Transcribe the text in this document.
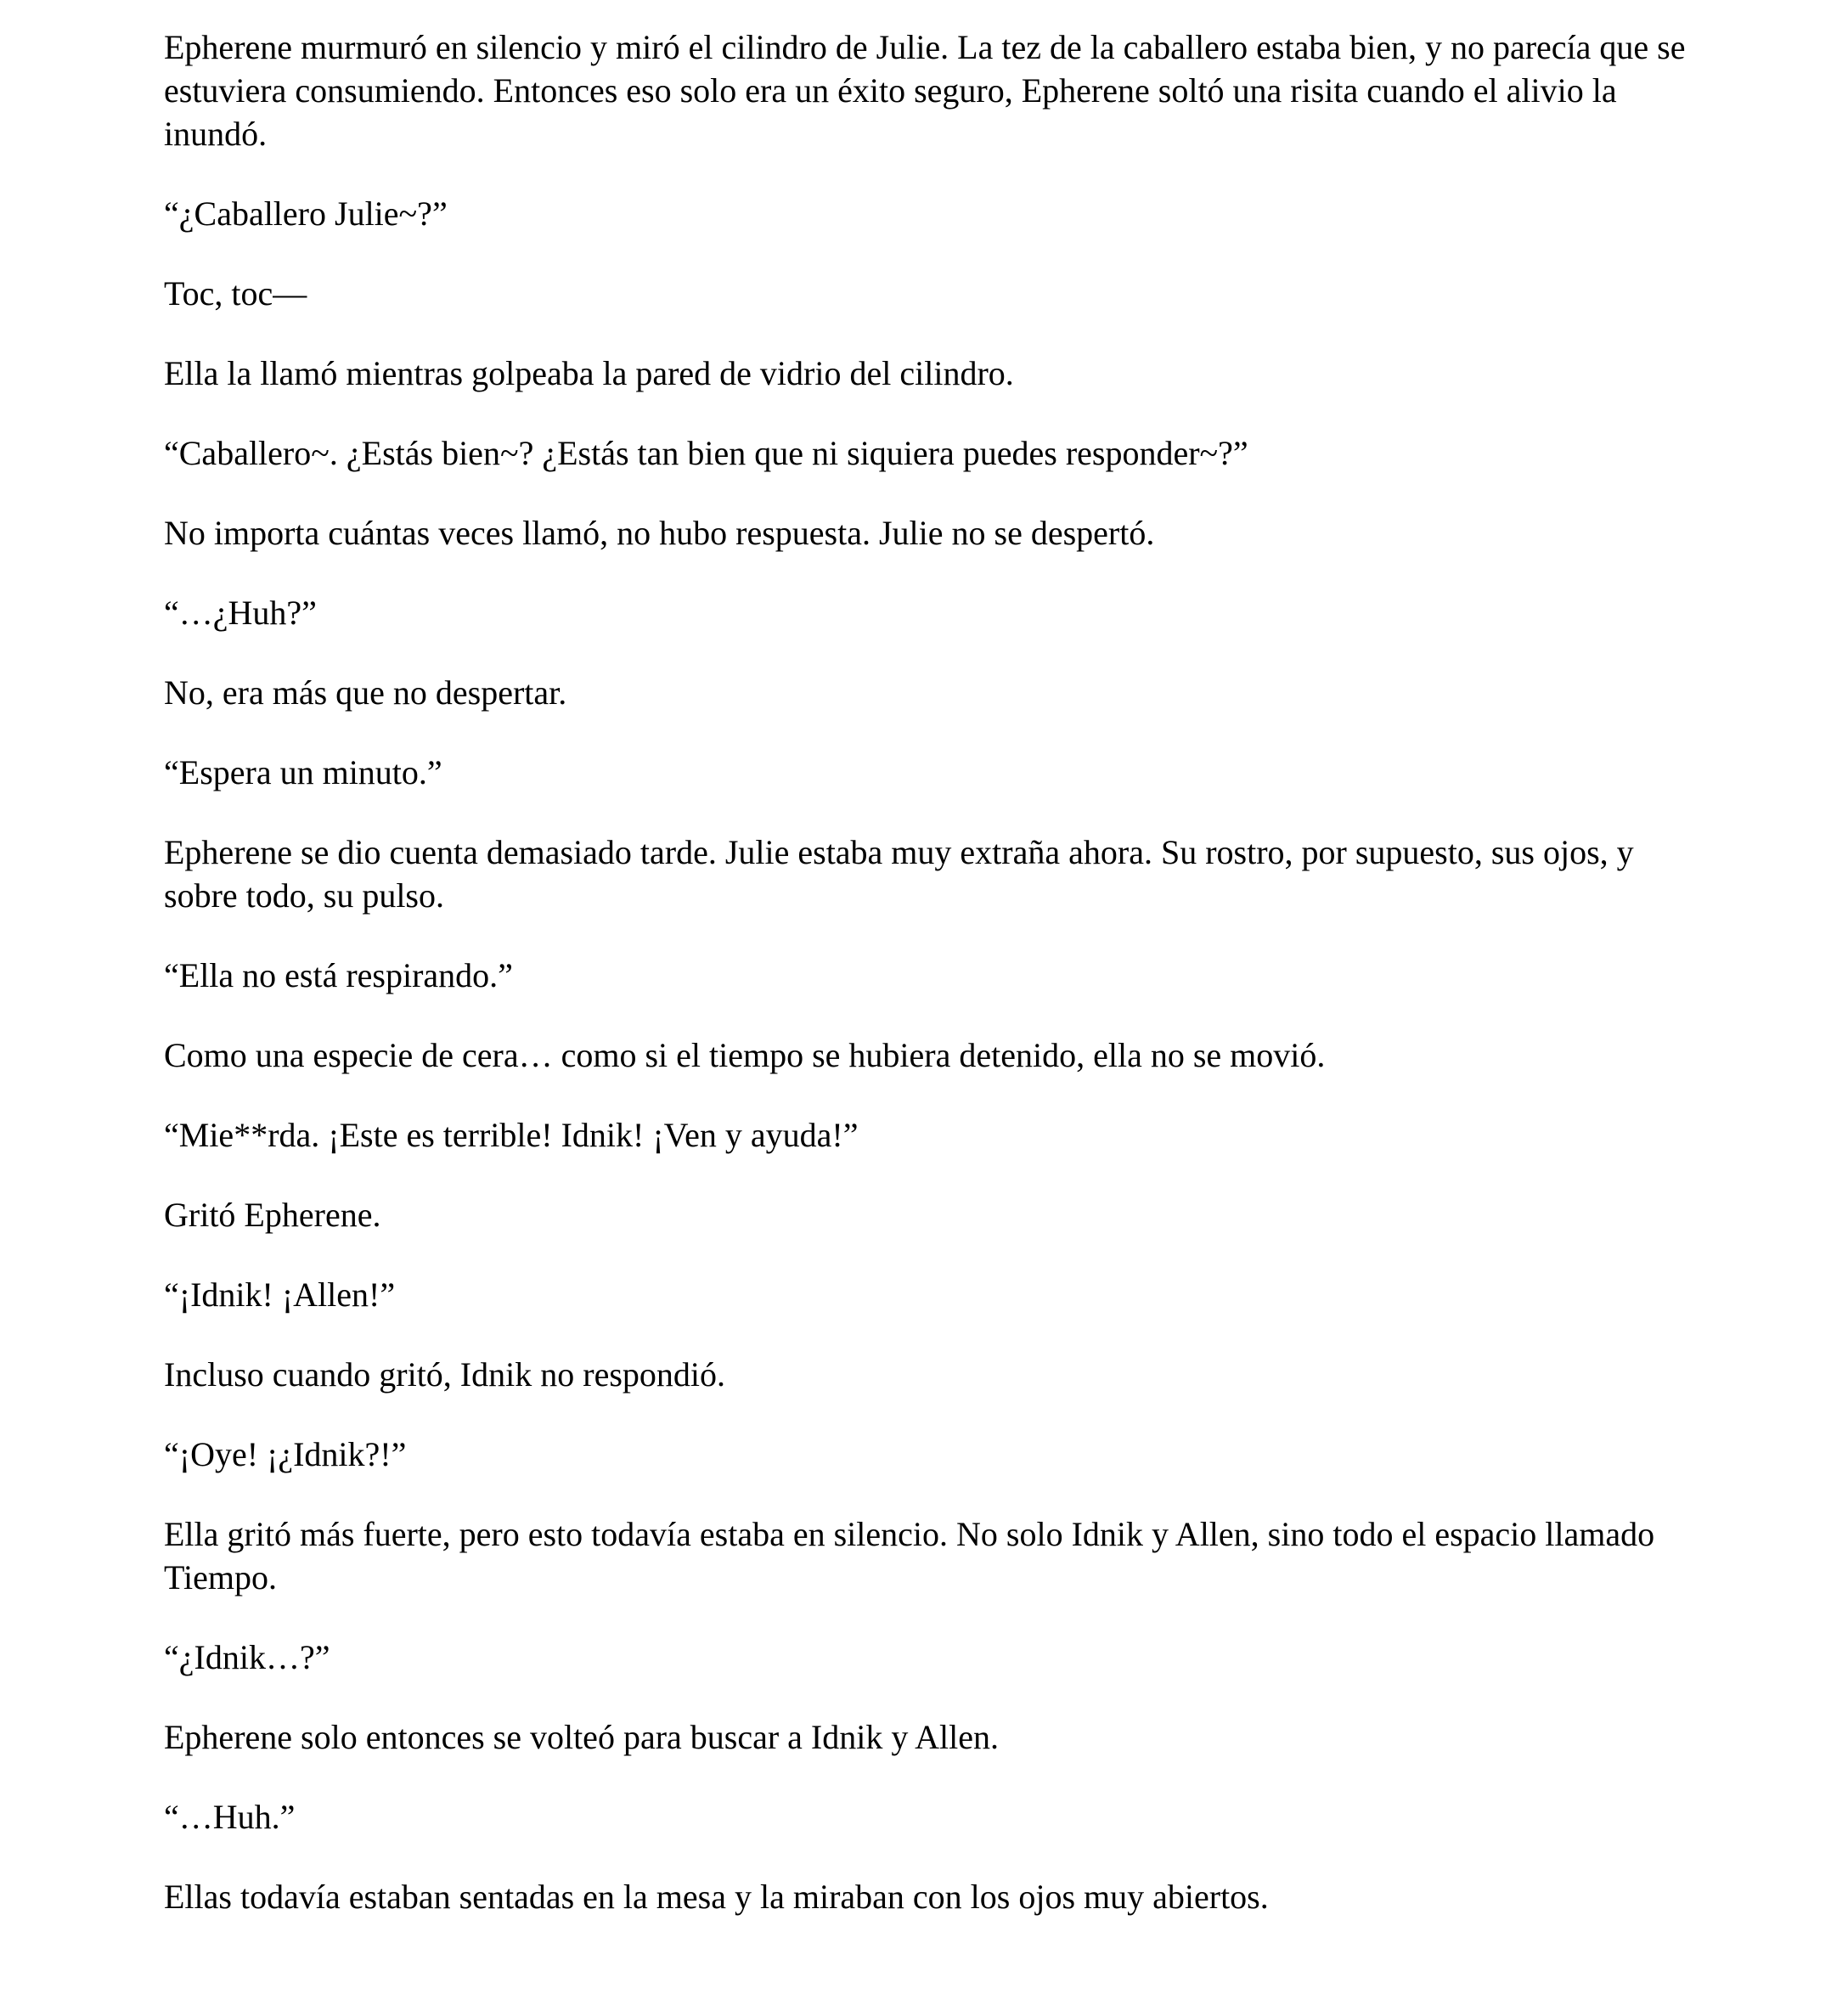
Epherene murmuró en silencio y miró el cilindro de Julie. La tez de la caballero estaba bien, y no parecía que se estuviera consumiendo. Entonces eso solo era un éxito seguro, Epherene soltó una risita cuando el alivio la inundó.

“¿Caballero Julie~?”

Toc, toc—

Ella la llamó mientras golpeaba la pared de vidrio del cilindro.

“Caballero~. ¿Estás bien~? ¿Estás tan bien que ni siquiera puedes responder~?”

No importa cuántas veces llamó, no hubo respuesta. Julie no se despertó.

“…¿Huh?”

No, era más que no despertar.

“Espera un minuto.”

Epherene se dio cuenta demasiado tarde. Julie estaba muy extraña ahora. Su rostro, por supuesto, sus ojos, y sobre todo, su pulso.

“Ella no está respirando.”

Como una especie de cera… como si el tiempo se hubiera detenido, ella no se movió.

“Mie**rda. ¡Este es terrible! Idnik! ¡Ven y ayuda!”

Gritó Epherene.

“¡Idnik! ¡Allen!”

Incluso cuando gritó, Idnik no respondió.

“¡Oye! ¡¿Idnik?!”

Ella gritó más fuerte, pero esto todavía estaba en silencio. No solo Idnik y Allen, sino todo el espacio llamado Tiempo.

“¿Idnik…?”

Epherene solo entonces se volteó para buscar a Idnik y Allen.

“…Huh.”

Ellas todavía estaban sentadas en la mesa y la miraban con los ojos muy abiertos.
